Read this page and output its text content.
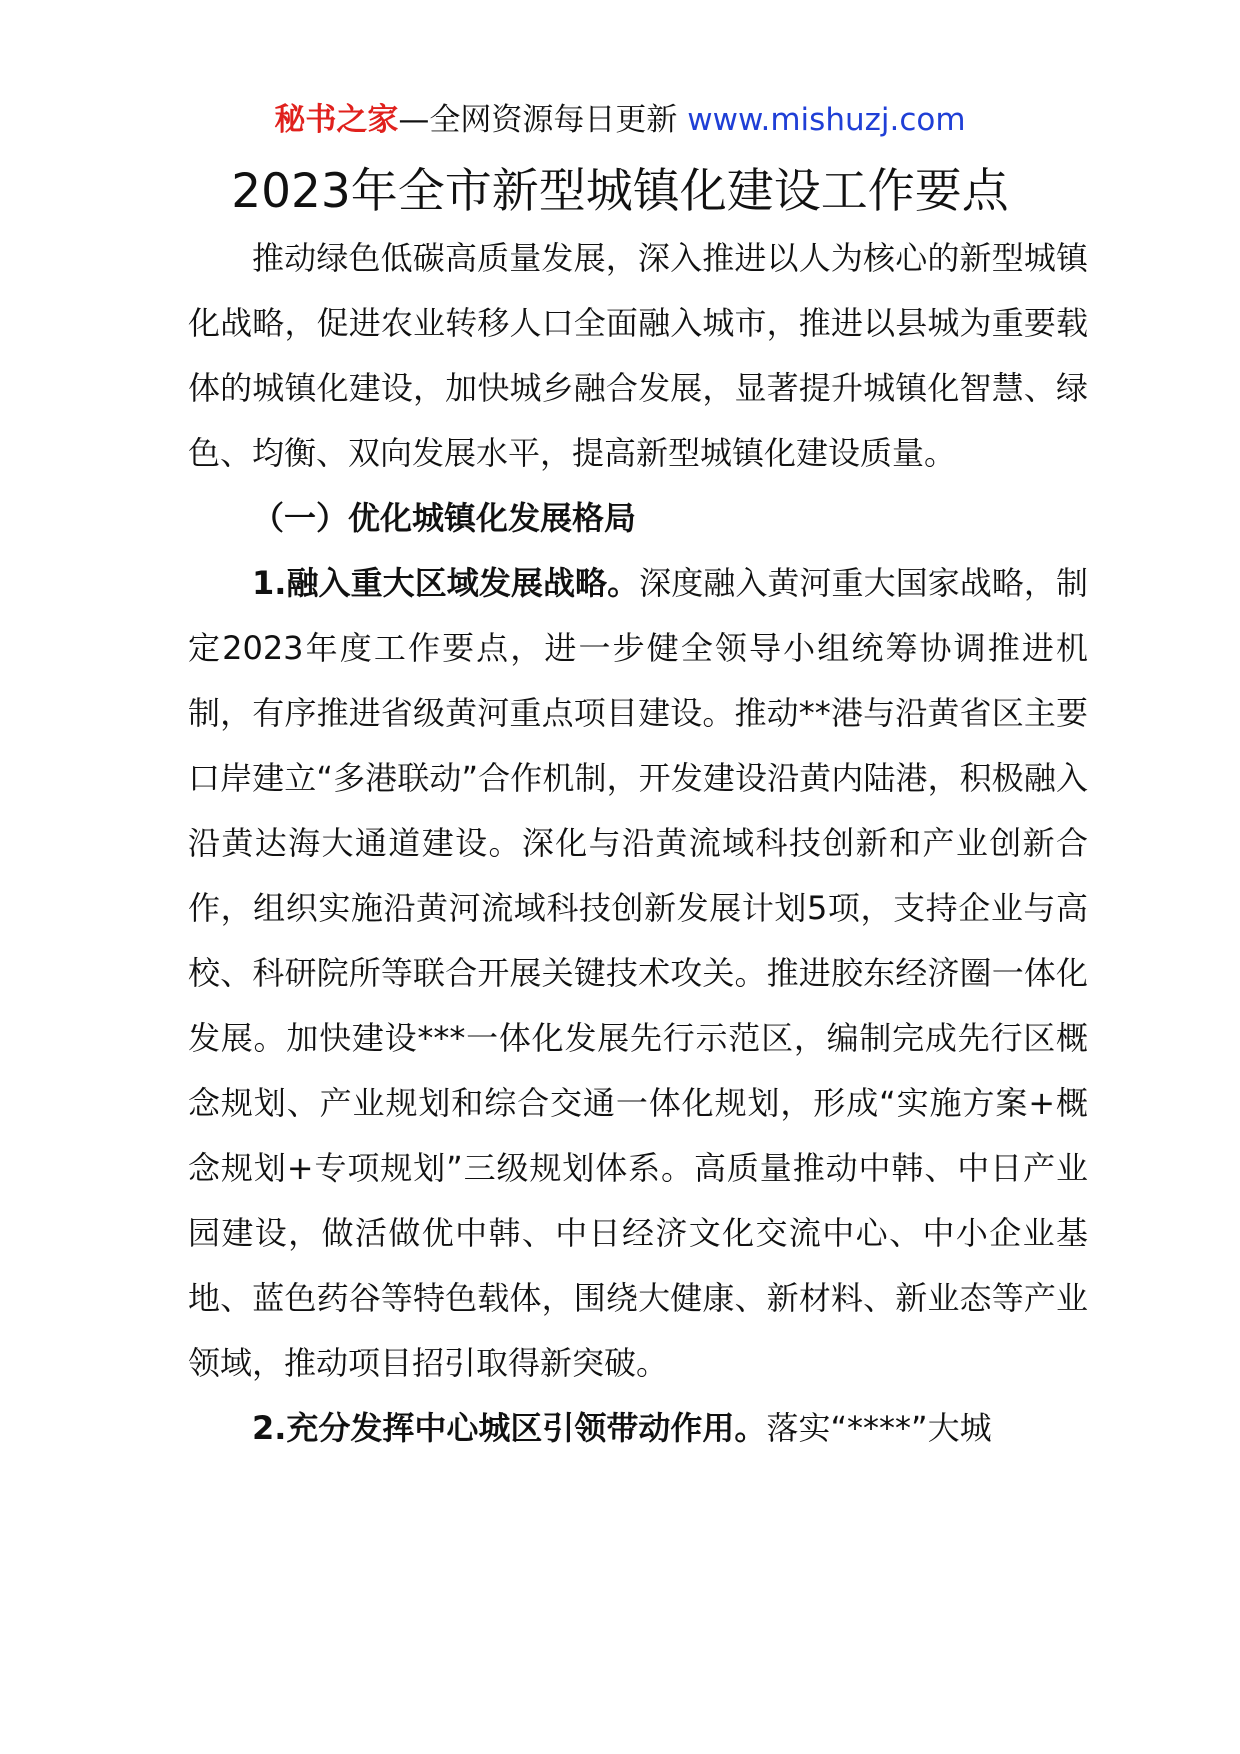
秘书之家—全网资源每日更新 www.mishuzj.com
2023年全市新型城镇化建设工作要点

推动绿色低碳高质量发展，深入推进以人为核心的新型城镇化战略，促进农业转移人口全面融入城市，推进以县城为重要载体的城镇化建设，加快城乡融合发展，显著提升城镇化智慧、绿色、均衡、双向发展水平，提高新型城镇化建设质量。

（一）优化城镇化发展格局

1.融入重大区域发展战略。深度融入黄河重大国家战略，制定2023年度工作要点，进一步健全领导小组统筹协调推进机制，有序推进省级黄河重点项目建设。推动**港与沿黄省区主要口岸建立“多港联动”合作机制，开发建设沿黄内陆港，积极融入沿黄达海大通道建设。深化与沿黄流域科技创新和产业创新合作，组织实施沿黄河流域科技创新发展计划5项，支持企业与高校、科研院所等联合开展关键技术攻关。推进胶东经济圈一体化发展。加快建设***一体化发展先行示范区，编制完成先行区概念规划、产业规划和综合交通一体化规划，形成“实施方案+概念规划+专项规划”三级规划体系。高质量推动中韩、中日产业园建设，做活做优中韩、中日经济文化交流中心、中小企业基地、蓝色药谷等特色载体，围绕大健康、新材料、新业态等产业领域，推动项目招引取得新突破。

2.充分发挥中心城区引领带动作用。落实“****”大城
